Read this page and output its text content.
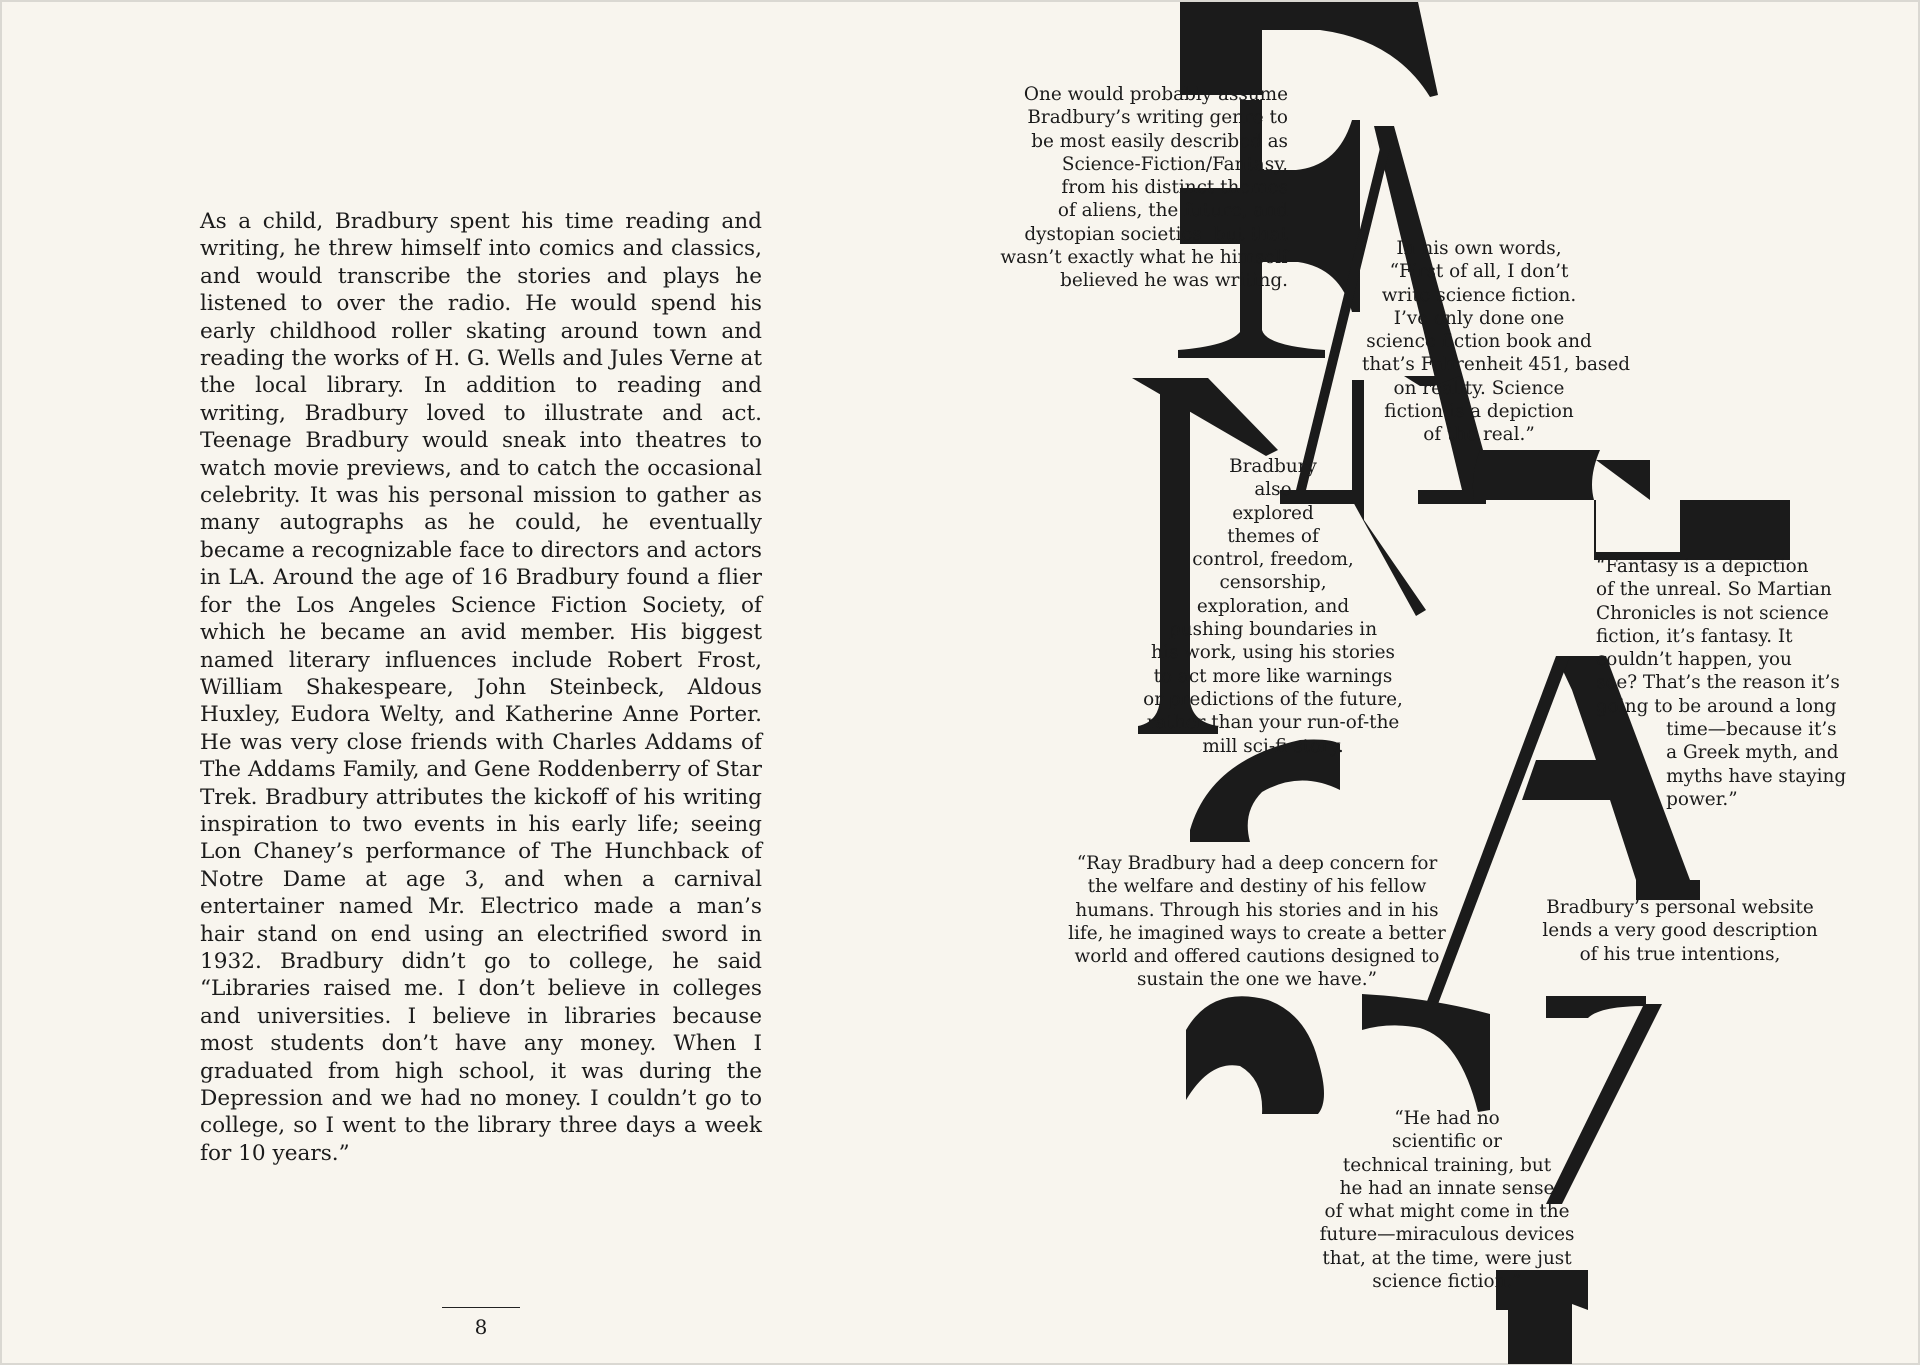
As a child, Bradbury spent his time reading and writing, he threw himself into comics and classics, and would transcribe the stories and plays he listened to over the radio. He would spend his early childhood roller skating around town and reading the works of H. G. Wells and Jules Verne at the local library. In addition to reading and writing, Bradbury loved to illustrate and act. Teenage Bradbury would sneak into theatres to watch movie previews, and to catch the occasional celebrity. It was his personal mission to gather as many autographs as he could, he eventually became a recognizable face to directors and actors in LA. Around the age of 16 Bradbury found a flier for the Los Angeles Science Fiction Society, of which he became an avid member. His biggest named literary influences include Robert Frost, William Shakespeare, John Steinbeck, Aldous Huxley, Eudora Welty, and Katherine Anne Porter. He was very close friends with Charles Addams of The Addams Family, and Gene Roddenberry of Star Trek. Bradbury attributes the kickoff of his writing inspiration to two events in his early life; seeing Lon Chaney’s performance of The Hunchback of Notre Dame at age 3, and when a carnival entertainer named Mr. Electrico made a man’s hair stand on end using an electrified sword in 1932. Bradbury didn’t go to college, he said “Libraries raised me. I don’t believe in colleges and universities. I believe in libraries because most students don’t have any money. When I graduated from high school, it was during the Depression and we had no money. I couldn’t go to college, so I went to the library three days a week for 10 years.”
8
One would probably assume
Bradbury’s writing genre to
be most easily described as
Science-Fiction/Fantasy,
from his distinct themes
of aliens, the future, and
dystopian societies  but that
wasn’t exactly what he himself
believed he was writing.
In his own words,
“First of all, I don’t
write science fiction.
I’ve only done one
science fiction book and
that’s Fahrenheit 451, based
on reality. Science
fiction is a depiction
of the real.”
Bradbury
also
explored
themes of
control, freedom,
censorship,
exploration, and
pushing boundaries in
his work, using his stories
to act more like warnings
or predictions of the future,
rather than your run-of-the
mill sci-fi story.
“Fantasy is a depiction
of the unreal. So Martian
Chronicles is not science
fiction, it’s fantasy. It
couldn’t happen, you
see? That’s the reason it’s
going to be around a long
time—because it’s
a Greek myth, and
myths have staying
power.”
“Ray Bradbury had a deep concern for
the welfare and destiny of his fellow
humans. Through his stories and in his
life, he imagined ways to create a better
world and offered cautions designed to
sustain the one we have.”
Bradbury’s personal website
lends a very good description
of his true intentions,
“He had no
scientific or
technical training, but
he had an innate sense
of what might come in the
future—miraculous devices
that, at the time, were just
science fiction.”
